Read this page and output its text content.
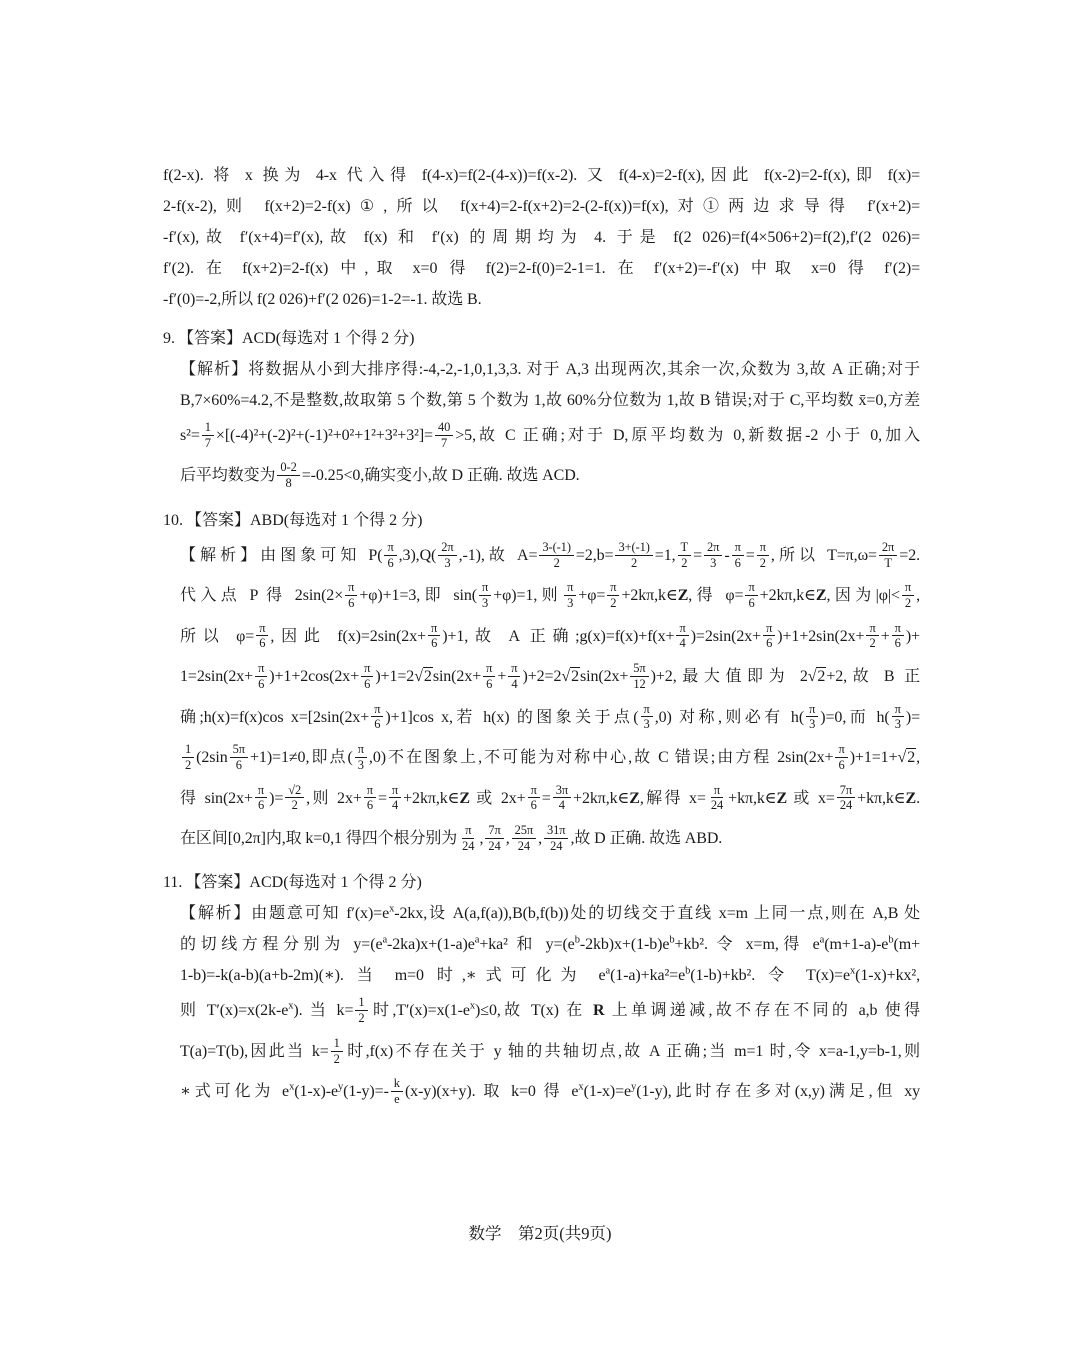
f(2-x). 将 x 换为 4-x 代入得 f(4-x)=f(2-(4-x))=f(x-2). 又 f(4-x)=2-f(x),因此 f(x-2)=2-f(x),即 f(x)=
2-f(x-2),则 f(x+2)=2-f(x)①,所以 f(x+4)=2-f(x+2)=2-(2-f(x))=f(x),对①两边求导得 f′(x+2)=
-f′(x),故 f′(x+4)=f′(x),故 f(x) 和 f′(x) 的周期均为 4. 于是 f(2 026)=f(4×506+2)=f(2),f′(2 026)=
f′(2). 在 f(x+2)=2-f(x) 中,取 x=0 得 f(2)=2-f(0)=2-1=1. 在 f′(x+2)=-f′(x) 中取 x=0 得 f′(2)=
-f′(0)=-2,所以 f(2 026)+f′(2 026)=1-2=-1. 故选 B.
9. 【答案】ACD(每选对 1 个得 2 分)
【解析】将数据从小到大排序得:-4,-2,-1,0,1,3,3. 对于 A,3 出现两次,其余一次,众数为 3,故 A 正确;对于
B,7×60%=4.2,不是整数,故取第 5 个数,第 5 个数为 1,故 60%分位数为 1,故 B 错误;对于 C,平均数 x̄=0,方差
$s^2= \frac{1}{7} \times[(-4)^2+(-2)^2+(-1)^2+0^2+1^2+3^2+3^2]= \frac{40}{7} >5$,故 C 正确;对于 D,原平均数为 0,新数据-2 小于 0,加入
后平均数变为 $\frac{0-2}{8} =-0.25<0$,确实变小,故 D 正确. 故选 ACD.
10. 【答案】ABD(每选对 1 个得 2 分)
【解析】由图象可知 $P( \frac{\pi}{6} ,3),Q( \frac{2\pi}{3} ,-1)$,故 $A= \frac{3-(-1)}{2} =2,b= \frac{3+(-1)}{2} =1$, $\frac{T}{2} = \frac{2\pi}{3} - \frac{\pi}{6} = \frac{\pi}{2}$ ,所以 $T=\pi,\omega= \frac{2\pi}{T} =2$.
代入点 P 得 $2\sin(2\times \frac{\pi}{6} +\varphi)+1=3$,即 $\sin( \frac{\pi}{3} +\varphi)=1$,则 $\frac{\pi}{3} +\varphi= \frac{\pi}{2}$ +2kπ,k∈Z,得 $\varphi= \frac{\pi}{6}$ +2kπ,k∈Z,因为$|\varphi|< \frac{\pi}{2}$ ,
所以 $\varphi= \frac{\pi}{6}$ ,因此 $f(x)=2\sin(2x+ \frac{\pi}{6} )+1$,故 A 正确;g(x)=f(x)+f(x+ $\frac{\pi}{4} )=2\sin(2x+ \frac{\pi}{6} )+1+2\sin(2x+ \frac{\pi}{2} + \frac{\pi}{6}$ )+
$1=2\sin(2x+ \frac{\pi}{6} )+1+2\cos(2x+ \frac{\pi}{6} )+1=2√2\sin(2x+ \frac{\pi}{6} + \frac{\pi}{4} )+2=2√2\sin(2x+ \frac{5\pi}{12} )+2$,最大值即为 2√2+2,故 B 正
确;h(x)=f(x)cos $x=[2\sin(2x+ \frac{\pi}{6} )+1]\cos$ x,若 h(x) 的图象关于点( $\frac{\pi}{3} ,0$) 对称,则必有 $h( \frac{\pi}{3} )=0$,而 $h( \frac{\pi}{3}$ )=
$\frac{1}{2} (2\sin \frac{5\pi}{6} +1)=1\ne 0$,即点( $\frac{\pi}{3} ,0$)不在图象上,不可能为对称中心,故 C 错误;由方程 $2\sin(2x+ \frac{\pi}{6} )+1=1+√2$,
得 $\sin(2x+ \frac{\pi}{6}$ )= $\frac{√2}{2}$ ,则 $2x+ \frac{\pi}{6} = \frac{\pi}{4}$ +2kπ,k∈Z 或 $2x+ \frac{\pi}{6} = \frac{3\pi}{4}$ +2kπ,k∈Z,解得 $x= \frac{\pi}{24}$ +kπ,k∈Z 或 $x= \frac{7\pi}{24}$ +kπ,k∈Z.
在区间[0,2π]内,取 k=0,1 得四个根分别为 $\frac{\pi}{24}$ , $\frac{7\pi}{24}$ , $\frac{25\pi}{24}$ , $\frac{31\pi}{24}$ ,故 D 正确. 故选 ABD.
11. 【答案】ACD(每选对 1 个得 2 分)
【解析】由题意可知 $f'(x)=e^x-2kx$,设 A(a,f(a)),B(b,f(b))处的切线交于直线 x=m 上同一点,则在 A,B 处
的切线方程分别为 $y=(e^a-2ka)x+(1-a)e^a+ka^2$ 和 $y=(e^b-2kb)x+(1-b)e^b+kb^2$. 令 x=m,得 $e^a(m+1-a)-e^b(m+$
1-b)=-k(a-b)(a+b-2m)(∗). 当 m=0 时,∗式可化为 $e^a(1-a)+ka^2=e^b(1-b)+kb^2$. 令 $T(x)=e^x(1-x)+kx^2$,
则 $T'(x)=x(2k-e^x)$. 当 $k= \frac{1}{2}$ 时$,T'(x)=x(1-e^x)\le 0$,故 T(x) 在 R 上单调递减,故不存在不同的 a,b 使得
T(a)=T(b),因此当 $k= \frac{1}{2}$ 时,f(x)不存在关于 y 轴的共轴切点,故 A 正确;当 m=1 时,令 x=a-1,y=b-1,则
∗式可化为 $e^x(1-x)-e^y(1-y)=- \frac{k}{e} (x-y)(x+y)$. 取 k=0 得 $e^x(1-x)=e^y(1-y)$,此时存在多对(x,y)满足,但 xy
数学　第2页(共9页)
